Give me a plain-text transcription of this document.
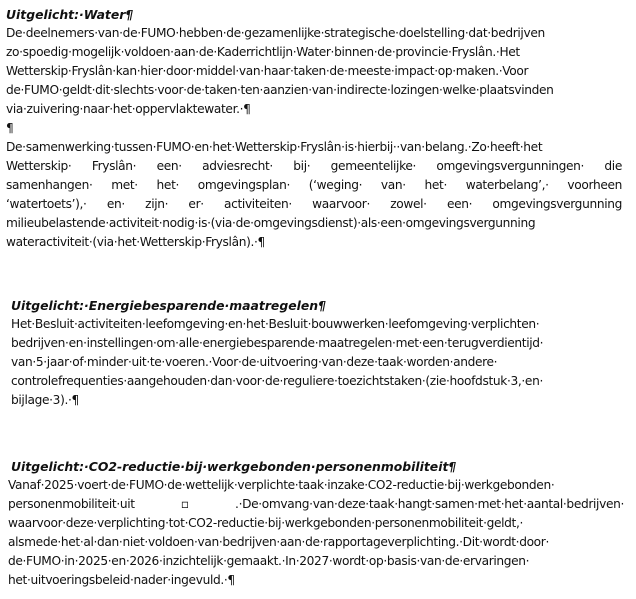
Uitgelicht:·Water¶
De·deelnemers·van·de·FUMO·hebben·de·gezamenlijke·strategische·doelstelling·dat·bedrijven
zo·spoedig·mogelijk·voldoen·aan·de·Kaderrichtlijn·Water·binnen·de·provincie·Fryslân.·Het
Wetterskip·Fryslân·kan·hier·door·middel·van·haar·taken·de·meeste·impact·op·maken.·Voor
de·FUMO·geldt·dit·slechts·voor·de·taken·ten·aanzien·van·indirecte·lozingen·welke·plaatsvinden
via·zuivering·naar·het·oppervlaktewater.·¶
¶
De·samenwerking·tussen·FUMO·en·het·Wetterskip·Fryslân·is·hierbij··van·belang.·Zo·heeft·het
Wetterskip· Fryslân· een· adviesrecht· bij· gemeentelijke· omgevingsvergunningen· die
samenhangen· met· het· omgevingsplan· (‘weging· van· het· waterbelang’,· voorheen
‘watertoets’),· en· zijn· er· activiteiten· waarvoor· zowel· een· omgevingsvergunning
milieubelastende·activiteit·nodig·is·(via·de·omgevingsdienst)·als·een·omgevingsvergunning
wateractiviteit·(via·het·Wetterskip·Fryslân).·¶
Uitgelicht:·Energiebesparende·maatregelen¶
Het·Besluit·activiteiten·leefomgeving·en·het·Besluit·bouwwerken·leefomgeving·verplichten·
bedrijven·en·instellingen·om·alle·energiebesparende·maatregelen·met·een·terugverdientijd·
van·5·jaar·of·minder·uit·te·voeren.·Voor·de·uitvoering·van·deze·taak·worden·andere·
controlefrequenties·aangehouden·dan·voor·de·reguliere·toezichtstaken·(zie·hoofdstuk·3,·en·
bijlage·3).·¶
Uitgelicht:·CO2-reductie·bij·werkgebonden·personenmobiliteit¶
Vanaf·2025·voert·de·FUMO·de·wettelijk·verplichte·taak·inzake·CO2-reductie·bij·werkgebonden·
personenmobiliteit·uit▫.·De·omvang·van·deze·taak·hangt·samen·met·het·aantal·bedrijven·
waarvoor·deze·verplichting·tot·CO2-reductie·bij·werkgebonden·personenmobiliteit·geldt,·
alsmede·het·al·dan·niet·voldoen·van·bedrijven·aan·de·rapportageverplichting.·Dit·wordt·door·
de·FUMO·in·2025·en·2026·inzichtelijk·gemaakt.·In·2027·wordt·op·basis·van·de·ervaringen·
het·uitvoeringsbeleid·nader·ingevuld.·¶
